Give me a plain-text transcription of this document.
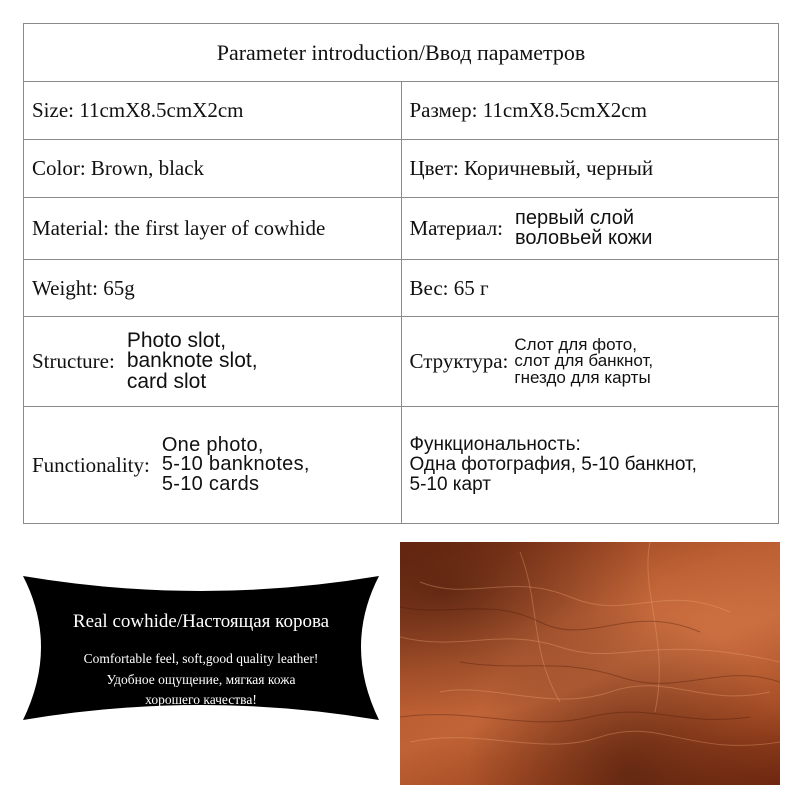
Parameter introduction/Ввод параметров	
Size: 11cmX8.5cmX2cm	Размер: 11cmX8.5cmX2cm
Color: Brown, black	Цвет: Коричневый, черный
Material: the first layer of cowhide	Материал: первый слой
воловьей кожи

Weight: 65g	Вес: 65 г

Structure:
Photo slot,
banknote slot,
card slot	Структура:
Слот для фото,
слот для банкнот,
гнездо для карты

Functionality:
One photo,
5-10 banknotes,
5-10 cards	Функциональность:
Одна фотография, 5-10 банкнот,
5-10 карт
Real cowhide/Настоящая корова
Comfortable feel, soft,good quality leather!
Удобное ощущение, мягкая кожа
хорошего качества!
